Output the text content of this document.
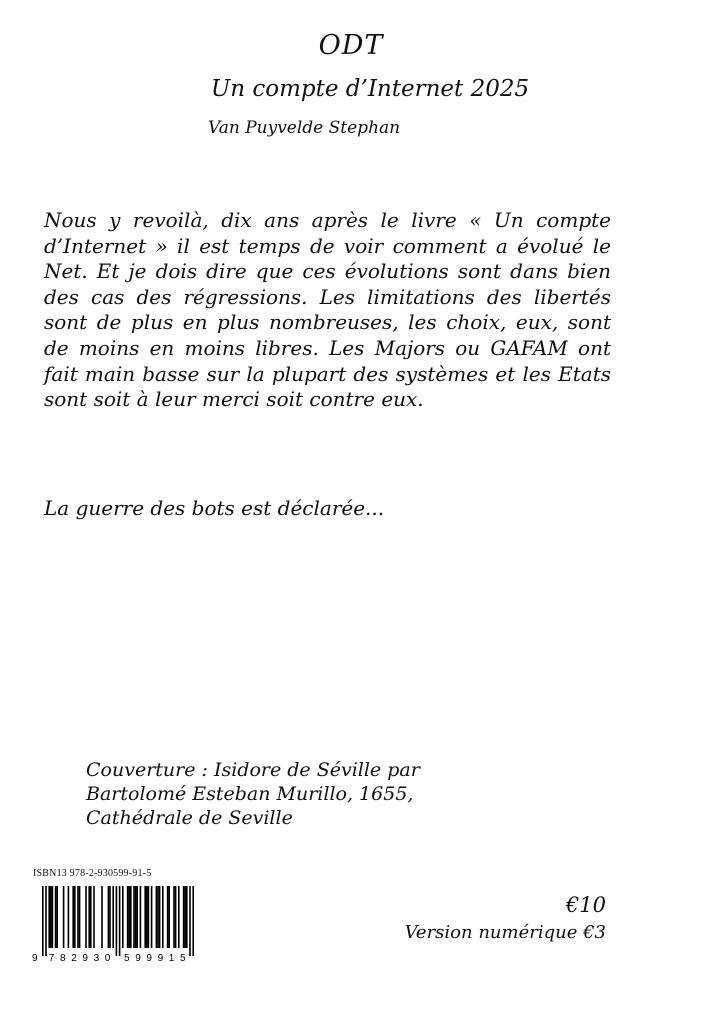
ODT
Un compte d’Internet 2025

Van Puyvelde Stephan

Nous y revoilà, dix ans après le livre « Un compte d’Internet » il est temps de voir comment a évolué le Net. Et je dois dire que ces évolutions sont dans bien des cas des régressions. Les limitations des libertés sont de plus en plus nombreuses, les choix, eux, sont de moins en moins libres. Les Majors ou GAFAM ont fait main basse sur la plupart des systèmes et les Etats sont soit à leur merci soit contre eux.

La guerre des bots est déclarée...

Couverture : Isidore de Séville par
Bartolomé Esteban Murillo, 1655,
Cathédrale de Seville
ISBN13 978-2-930599-91-5
9 7 8 2 9 3 0 5 9 9 9 1 5
€10
Version numérique €3
